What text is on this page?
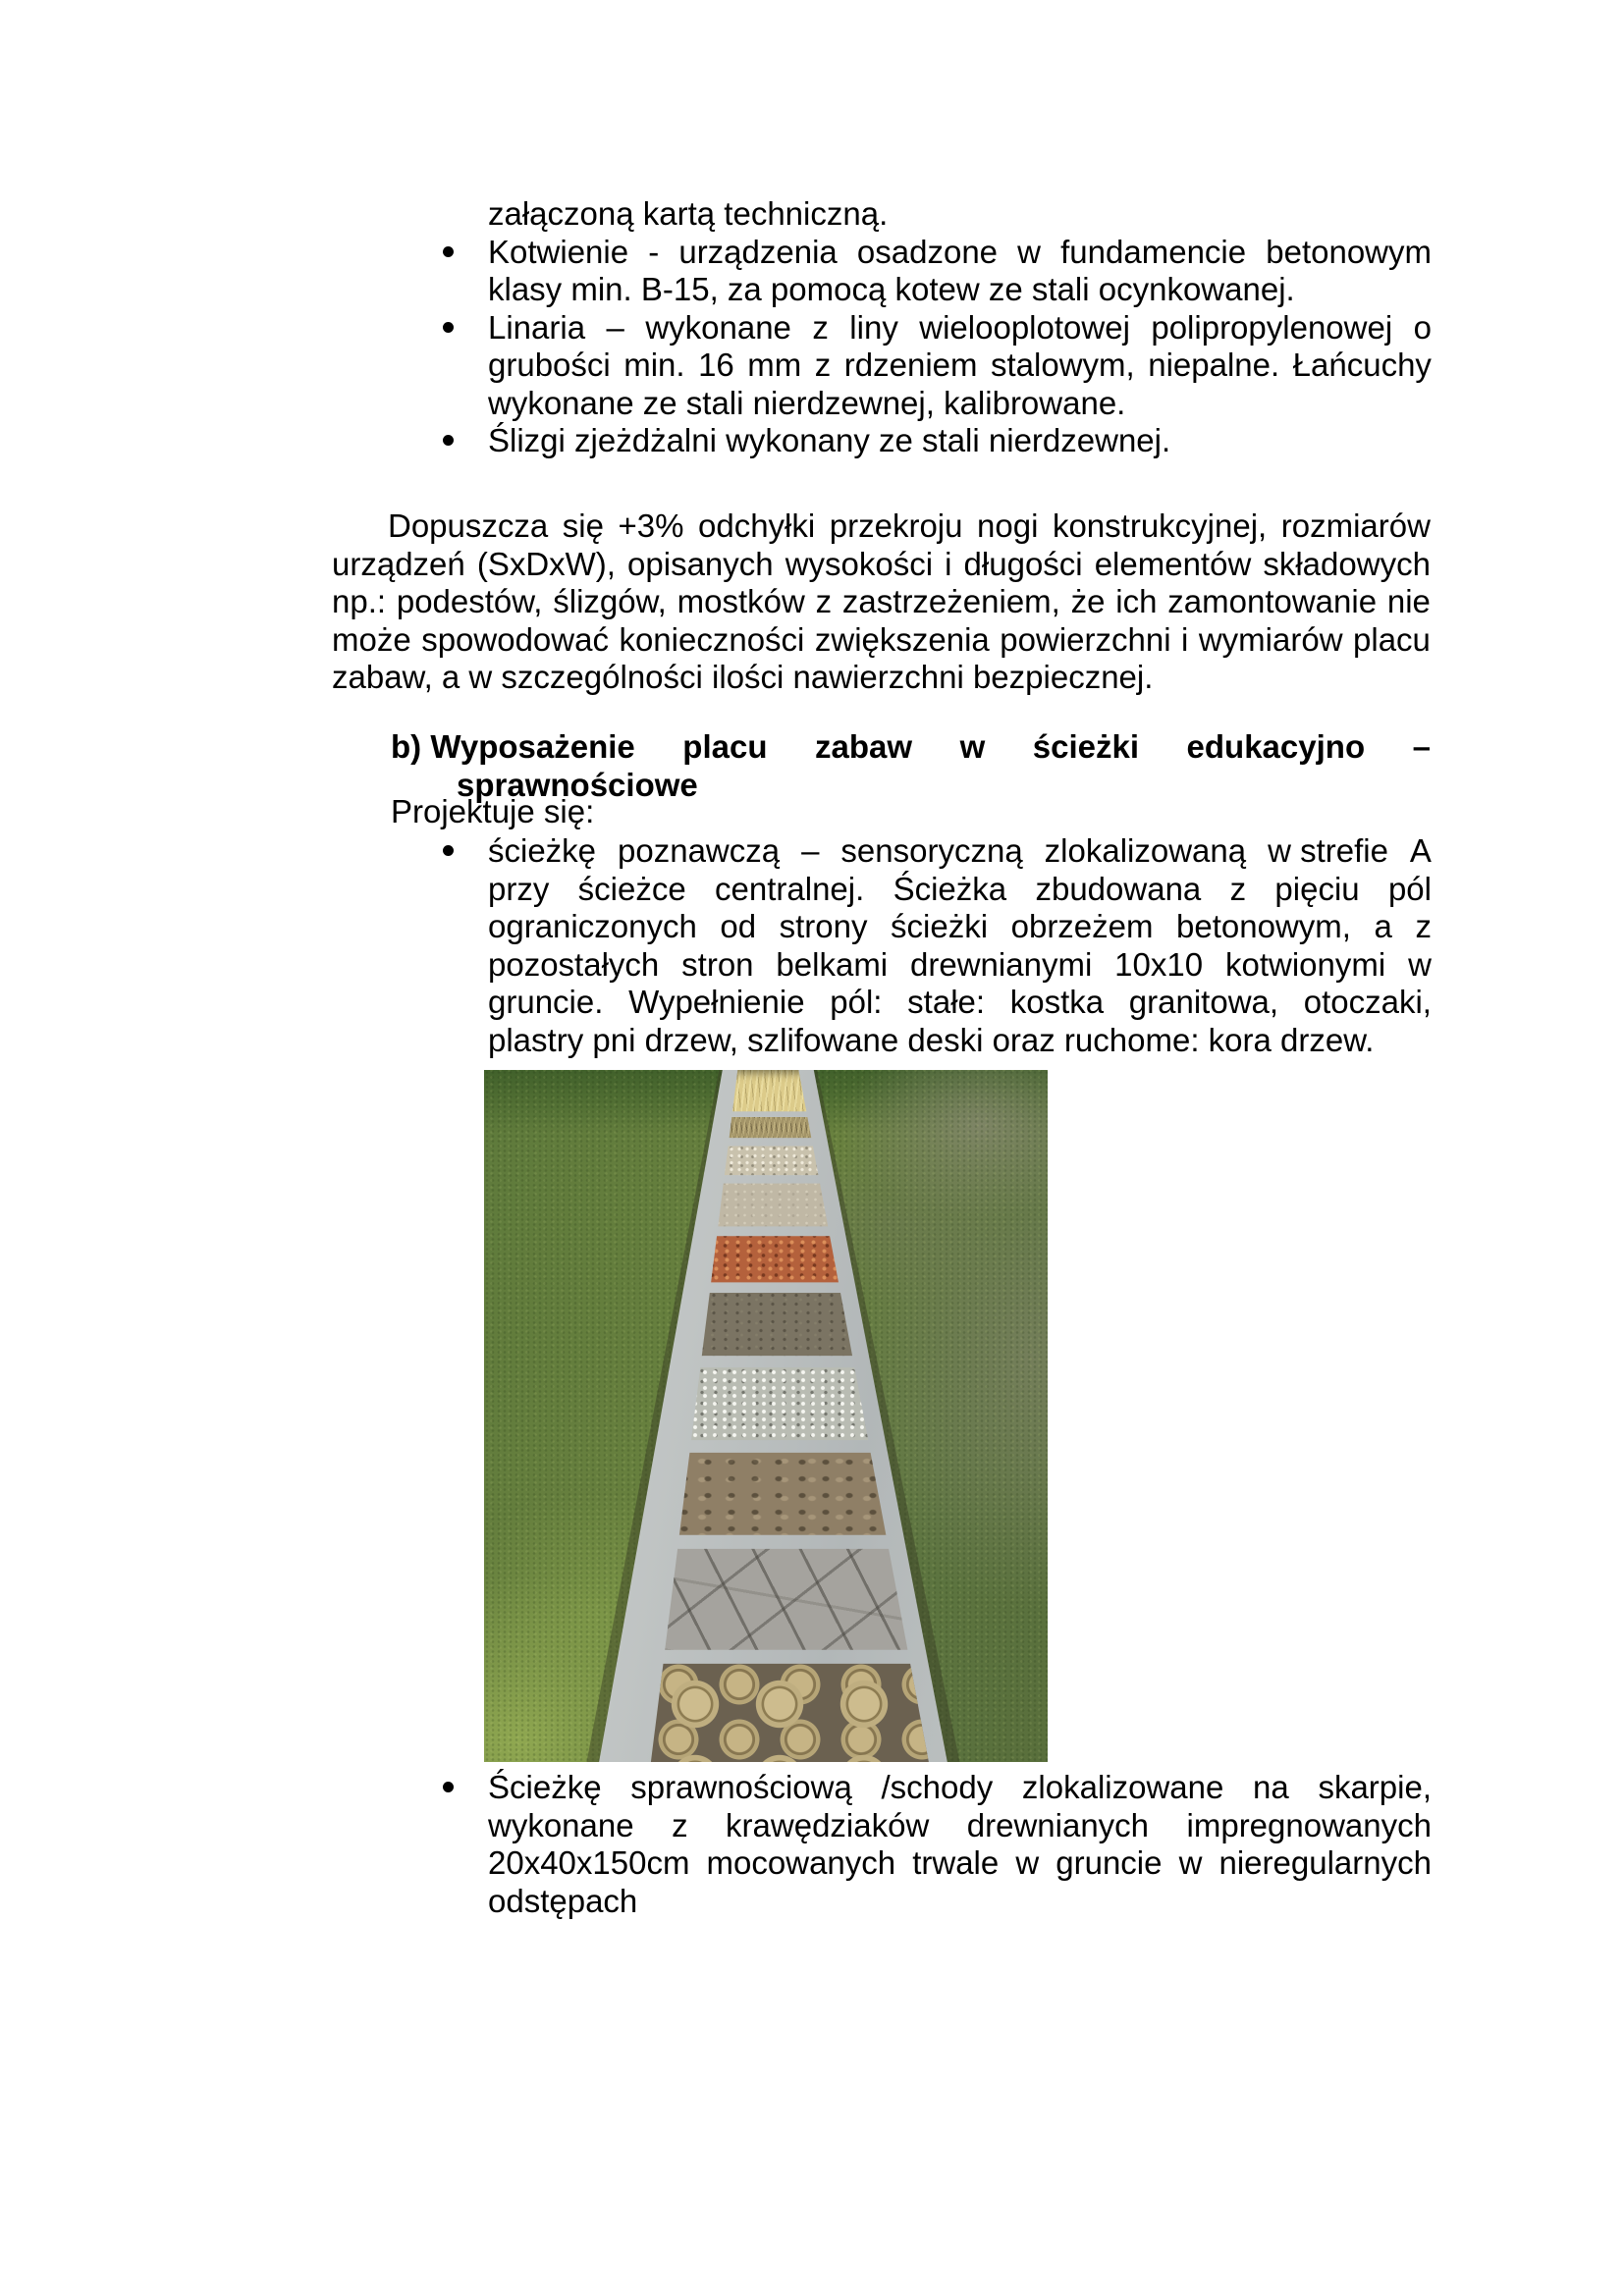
załączoną kartą techniczną.
Kotwienie - urządzenia osadzone w fundamencie betonowym
klasy min. B-15, za pomocą kotew ze stali ocynkowanej.
Linaria – wykonane z liny wielooplotowej polipropylenowej o
grubości min. 16 mm z rdzeniem stalowym, niepalne. Łańcuchy
wykonane ze stali nierdzewnej, kalibrowane.
Ślizgi zjeżdżalni wykonany ze stali nierdzewnej.
Dopuszcza się +3% odchyłki przekroju nogi konstrukcyjnej, rozmiarów
urządzeń (SxDxW), opisanych wysokości i długości elementów składowych
np.: podestów, ślizgów, mostków z zastrzeżeniem, że ich zamontowanie nie
może spowodować konieczności zwiększenia powierzchni i wymiarów placu
zabaw, a w szczególności ilości nawierzchni bezpiecznej.
b) Wyposażenie placu zabaw w ścieżki edukacyjno –
sprawnościowe
Projektuje się:
ścieżkę poznawczą – sensoryczną zlokalizowaną w strefie A
przy ścieżce centralnej. Ścieżka zbudowana z pięciu pól
ograniczonych od strony ścieżki obrzeżem betonowym, a z
pozostałych stron belkami drewnianymi 10x10 kotwionymi w
gruncie. Wypełnienie pól: stałe: kostka granitowa, otoczaki,
plastry pni drzew, szlifowane deski oraz ruchome: kora drzew.
Ścieżkę sprawnościową /schody zlokalizowane na skarpie,
wykonane z krawędziaków drewnianych impregnowanych
20x40x150cm mocowanych trwale w gruncie w nieregularnych
odstępach
